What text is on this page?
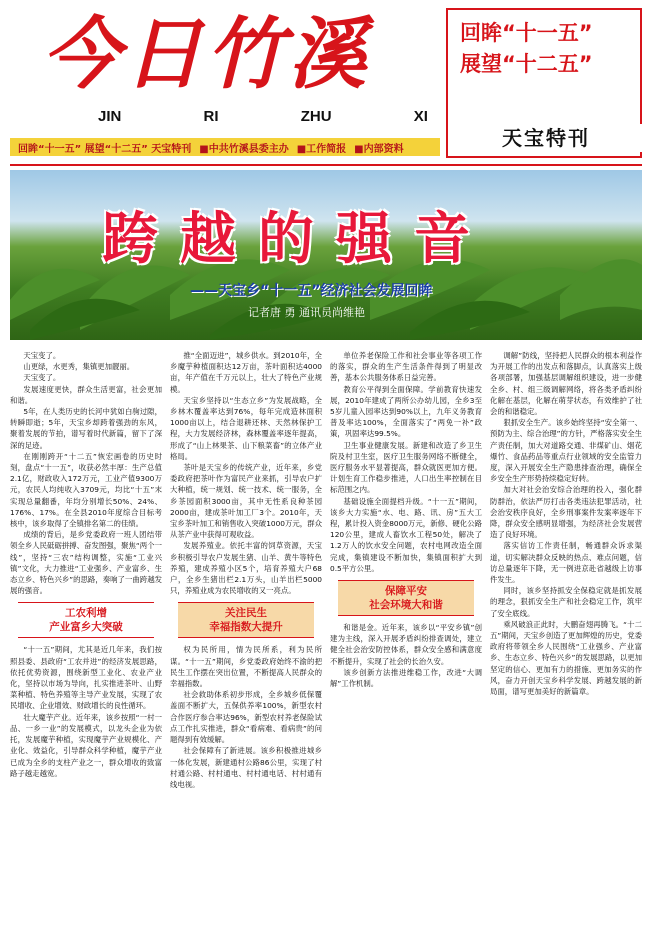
今日竹溪
JIN	RI	ZHU	XI
回眸“十一五”
展望“十二五”
天宝特刊
回眸“十一五” 展望“十二五” 天宝特刊 ■中共竹溪县委主办 ■工作简报 ■内部资料
跨越的强音
——天宝乡“十一五”经济社会发展回眸
记者唐 勇 通讯员尚维艳

天宝变了。

山更绿，水更秀，集镇更加靓丽。

天宝变了。

发展速度更快，群众生活更富，社会更加和谐。

5年，在人类历史的长河中犹如白驹过隙，转瞬即逝；5年，天宝乡却跨着强劲的东风，聚着发展的节拍，谱写着时代新篇，留下了深深的足迹。

在刚刚跨开“十二五”恢宏画卷的历史时刻，盘点“十一五”，收获必然丰厚：生产总值2.1亿，财政收入172万元，工业产值9300万元，农民人均纯收入3709元，均比“十五”末实现总量翻番，年均分别增长50%、24%、176%、17%。在全县2010年度综合目标考核中，该乡取得了全镇排名第二的佳绩。

成绩的背后，是乡党委政府一班人团结带领全乡人民砥砺拼搏、奋发图强，聚焦“两个一线”，坚持“三农”结构调整，实施“工业兴镇”文化，大力推进“工业强乡、产业富乡、生态立乡、特色兴乡”的思路，奏响了一曲跨越发展的强音。

工农利增
产业富乡大突破

“十一五”期间，尤其是近几年来，我们按照县委、县政府“工农并进”的经济发展思路，依托优势资源，围绕新型工业化、农业产业化，坚持以市场为导向，扎实推进茶叶、山野菜种植、特色养殖等主导产业发展，实现了农民增收、企业增效、财政增长的良性循环。

壮大魔芋产业。近年来，该乡按照“一村一品、一乡一业”的发展模式，以龙头企业为依托，发展魔芋种植，实现魔芋产业规模化、产业化、效益化，引导群众科学种植，魔芋产业已成为全乡的支柱产业之一，群众增收的致富路子越走越宽。

推“全面迈进”，城乡供水。到2010年，全乡魔芋种植面积达12万亩，茶叶面积达4000亩，年产值在千万元以上，壮大了特色产业规模。

天宝乡坚持以“生态立乡”为发展战略，全乡林木覆盖率达到76%，每年完成造林面积1000亩以上，结合退耕还林、天然林保护工程，大力发展经济林，森林覆盖率逐年提高，形成了“山上林果茶、山下粮菜畜”的立体产业格局。

茶叶是天宝乡的传统产业，近年来，乡党委政府把茶叶作为富民产业来抓，引导农户扩大种植，统一规划、统一技术、统一服务，全乡茶园面积3000亩，其中无性系良种茶园2000亩，建成茶叶加工厂3个。2010年，天宝乡茶叶加工和销售收入突破1000万元，群众从茶产业中获得可观收益。

发展养殖业。依托丰富的饲草资源，天宝乡积极引导农户发展生猪、山羊、黄牛等特色养殖，建成养殖小区5个，培育养殖大户68户，全乡生猪出栏2.1万头，山羊出栏5000只，养殖业成为农民增收的又一亮点。

关注民生
幸福指数大提升

权为民所用，情为民所系，利为民所谋。“十一五”期间，乡党委政府始终不渝的把民生工作摆在突出位置，不断提高人民群众的幸福指数。

社会救助体系初步形成，全乡城乡低保覆盖面不断扩大，五保供养率100%，新型农村合作医疗参合率达96%，新型农村养老保险试点工作扎实推进，群众“看病难、看病贵”的问题得到有效缓解。

社会保障有了新进展。该乡积极推进城乡一体化发展，新建通村公路86公里，实现了村村通公路、村村通电、村村通电话、村村通有线电视。

单位养老保险工作和社会事业等各项工作的落实，群众的生产生活条件得到了明显改善，基本公共服务体系日益完善。

教育公平得到全面保障。学前教育快速发展，2010年建成了两所公办幼儿园，全乡3至5岁儿童入园率达到90%以上，九年义务教育普及率达100%，全面落实了“两免一补”政策，巩固率达99.5%。

卫生事业健康发展。新建和改造了乡卫生院及村卫生室，医疗卫生服务网络不断健全，医疗服务水平显著提高，群众就医更加方便。计划生育工作稳步推进，人口出生率控制在目标范围之内。

基础设施全面提档升级。“十一五”期间，该乡大力实施“水、电、路、讯、房”五大工程，累计投入资金8000万元，新修、硬化公路120公里，建成人畜饮水工程50处，解决了1.2万人的饮水安全问题，农村电网改造全面完成，集镇建设不断加快，集镇面积扩大到0.5平方公里。

保障平安
社会环境大和谐

和谐是金。近年来，该乡以“平安乡镇”创建为主线，深入开展矛盾纠纷排查调处，建立健全社会治安防控体系，群众安全感和满意度不断提升，实现了社会的长治久安。

该乡创新方法推进维稳工作，改进“大调解”工作机制。

调解”防线，坚持把人民群众的根本利益作为开展工作的出发点和落脚点，认真落实上级各项部署，加强基层调解组织建设，进一步健全乡、村、组三级调解网络，将各类矛盾纠纷化解在基层，化解在萌芽状态，有效维护了社会的和谐稳定。

狠抓安全生产。该乡始终坚持“安全第一、预防为主、综合治理”的方针，严格落实安全生产责任制，加大对道路交通、非煤矿山、烟花爆竹、食品药品等重点行业领域的安全监管力度，深入开展安全生产隐患排查治理，确保全乡安全生产形势持续稳定好转。

加大对社会治安综合治理的投入，强化群防群治，依法严厉打击各类违法犯罪活动，社会治安秩序良好，全乡刑事案件发案率逐年下降，群众安全感明显增强，为经济社会发展营造了良好环境。

落实信访工作责任制，畅通群众诉求渠道，切实解决群众反映的热点、难点问题，信访总量逐年下降，无一例进京赴省越级上访事件发生。

同时，该乡坚持抓安全保稳定就是抓发展的理念，狠抓安全生产和社会稳定工作，筑牢了安全底线。

乘风破浪正此时，大鹏奋翅再腾飞。“十二五”期间，天宝乡创造了更加辉煌的历史，党委政府将带领全乡人民围绕“工业强乡、产业富乡、生态立乡、特色兴乡”的发展思路，以更加坚定的信心、更加有力的措施、更加务实的作风，奋力开创天宝乡科学发展、跨越发展的新局面，谱写更加美好的新篇章。
